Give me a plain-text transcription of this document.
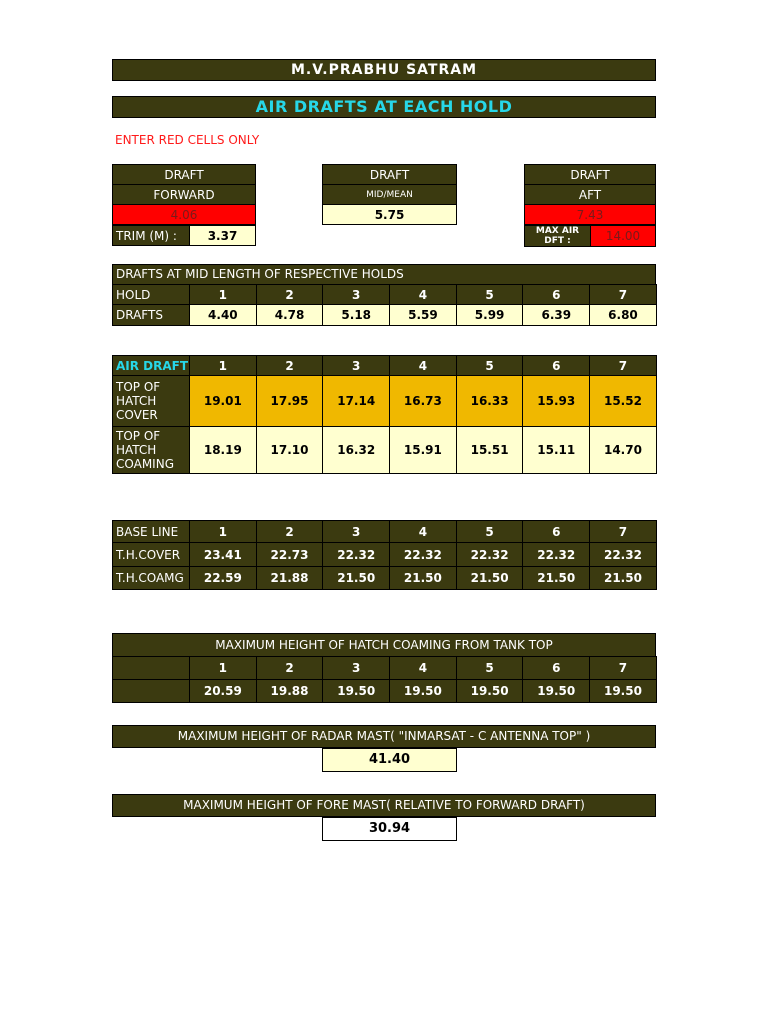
M.V.PRABHU SATRAM
AIR DRAFTS AT EACH HOLD
ENTER RED CELLS ONLY
DRAFT
FORWARD
4.06
TRIM (M) :	3.37
DRAFT
MID/MEAN
5.75
DRAFT
AFT
7.43
MAX AIR DFT :	14.00
DRAFTS AT MID LENGTH OF RESPECTIVE HOLDS
HOLD	1	2	3	4	5	6	7
DRAFTS	4.40	4.78	5.18	5.59	5.99	6.39	6.80
AIR DRAFT	1	2	3	4	5	6	7
TOP OF HATCH COVER	19.01	17.95	17.14	16.73	16.33	15.93	15.52
TOP OF HATCH COAMING	18.19	17.10	16.32	15.91	15.51	15.11	14.70
BASE LINE	1	2	3	4	5	6	7
T.H.COVER	23.41	22.73	22.32	22.32	22.32	22.32	22.32
T.H.COAMG	22.59	21.88	21.50	21.50	21.50	21.50	21.50
MAXIMUM HEIGHT OF HATCH COAMING FROM TANK TOP
	1	2	3	4	5	6	7
	20.59	19.88	19.50	19.50	19.50	19.50	19.50
MAXIMUM HEIGHT OF RADAR MAST( "INMARSAT - C ANTENNA TOP" )
41.40
MAXIMUM HEIGHT OF FORE MAST( RELATIVE TO FORWARD DRAFT)
30.94
